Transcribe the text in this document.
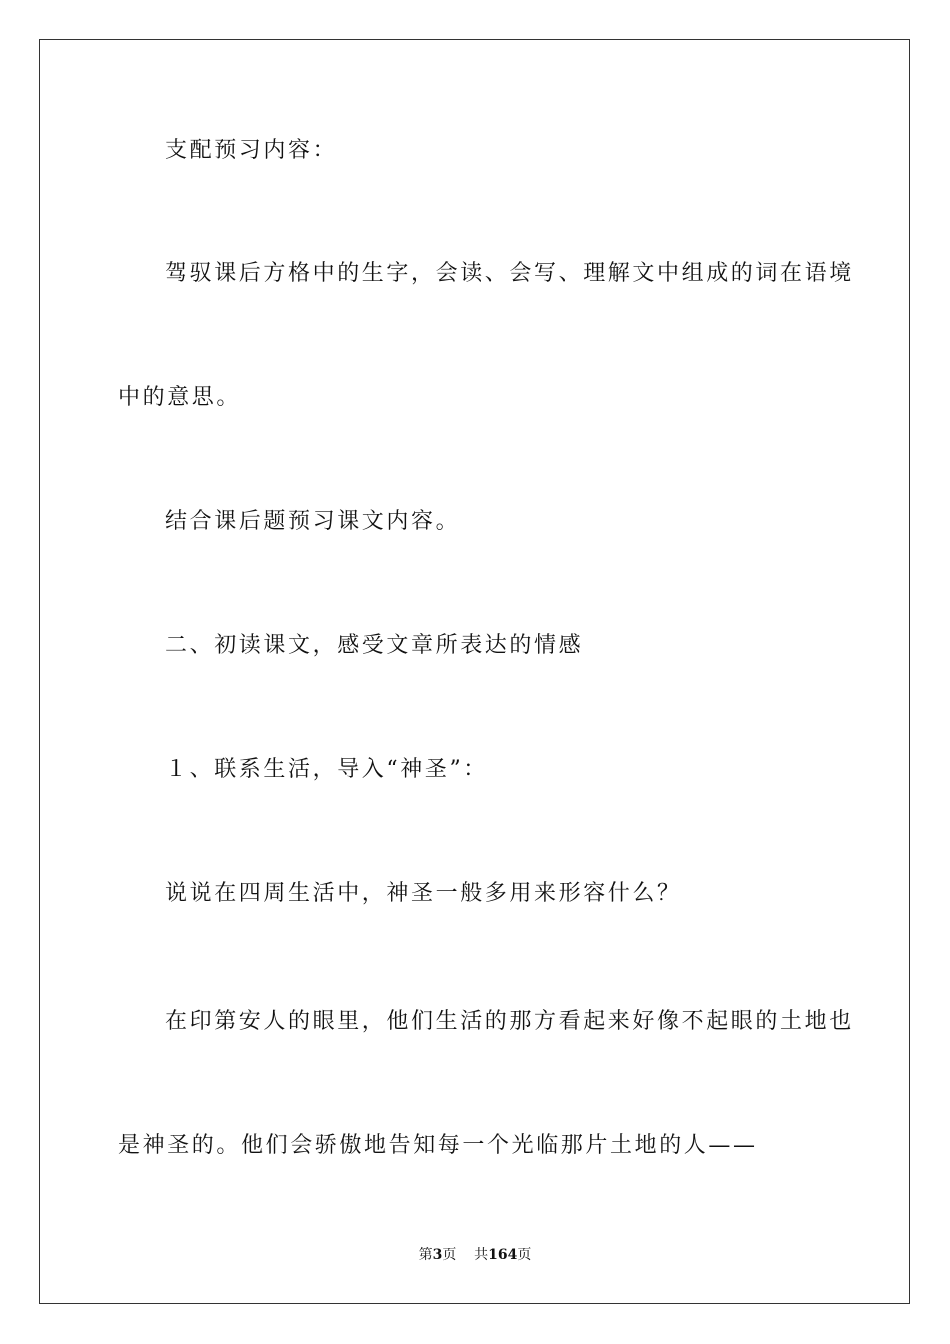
支配预习内容：
驾驭课后方格中的生字，会读、会写、理解文中组成的词在语境
中的意思。
结合课后题预习课文内容。
二、初读课文，感受文章所表达的情感
１、联系生活，导入“神圣”：
说说在四周生活中，神圣一般多用来形容什么？
在印第安人的眼里，他们生活的那方看起来好像不起眼的土地也
是神圣的。他们会骄傲地告知每一个光临那片土地的人——
第3页 共164页
